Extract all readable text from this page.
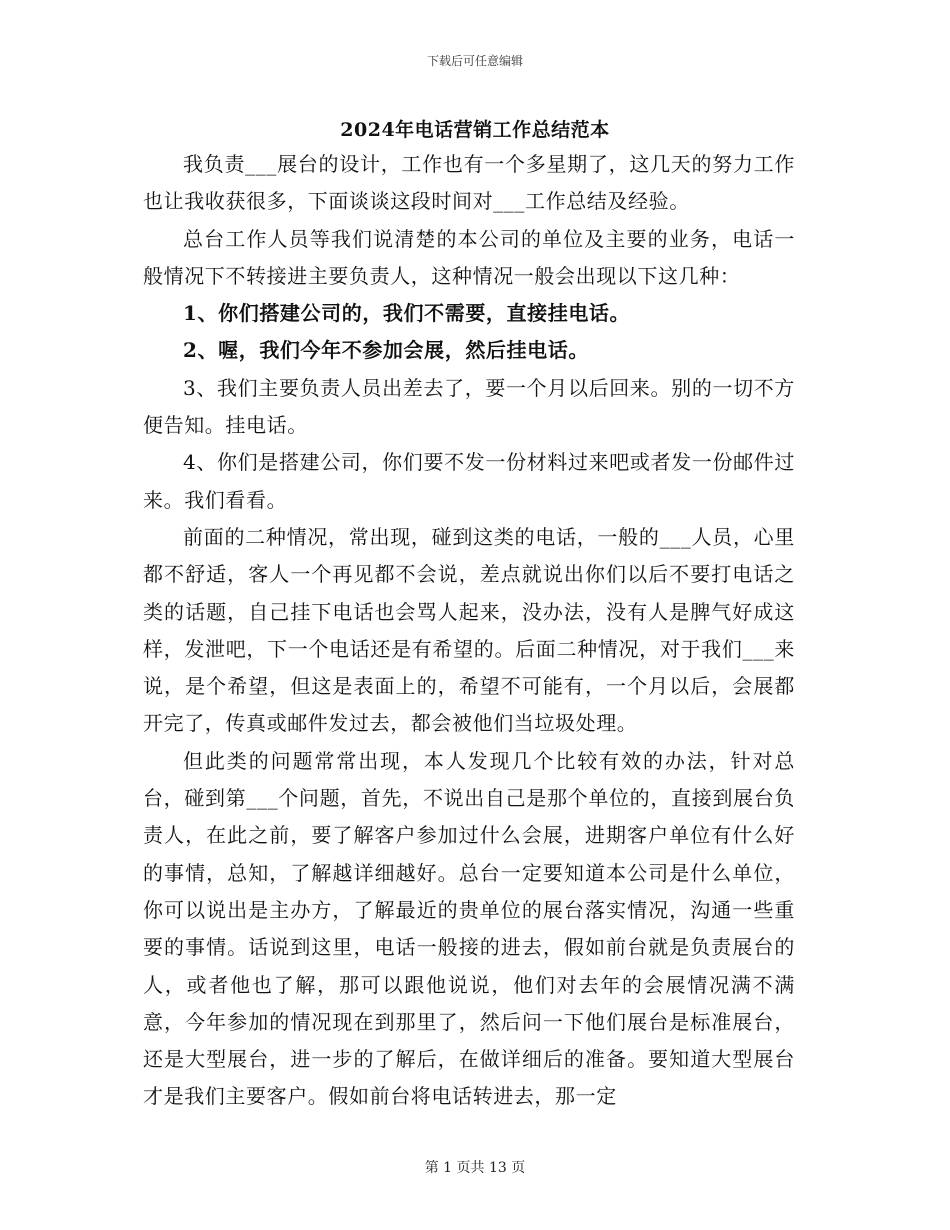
下载后可任意编辑
2024年电话营销工作总结范本

我负责___展台的设计，工作也有一个多星期了，这几天的努力工作也让我收获很多，下面谈谈这段时间对___工作总结及经验。

总台工作人员等我们说清楚的本公司的单位及主要的业务，电话一般情况下不转接进主要负责人，这种情况一般会出现以下这几种：

1、你们搭建公司的，我们不需要，直接挂电话。

2、喔，我们今年不参加会展，然后挂电话。

3、我们主要负责人员出差去了，要一个月以后回来。别的一切不方便告知。挂电话。

4、你们是搭建公司，你们要不发一份材料过来吧或者发一份邮件过来。我们看看。

前面的二种情况，常出现，碰到这类的电话，一般的___人员，心里都不舒适，客人一个再见都不会说，差点就说出你们以后不要打电话之类的话题，自己挂下电话也会骂人起来，没办法，没有人是脾气好成这样，发泄吧，下一个电话还是有希望的。后面二种情况，对于我们___来说，是个希望，但这是表面上的，希望不可能有，一个月以后，会展都开完了，传真或邮件发过去，都会被他们当垃圾处理。

但此类的问题常常出现，本人发现几个比较有效的办法，针对总台，碰到第___个问题，首先，不说出自己是那个单位的，直接到展台负责人，在此之前，要了解客户参加过什么会展，进期客户单位有什么好的事情，总知，了解越详细越好。总台一定要知道本公司是什么单位，你可以说出是主办方，了解最近的贵单位的展台落实情况，沟通一些重要的事情。话说到这里，电话一般接的进去，假如前台就是负责展台的人，或者他也了解，那可以跟他说说，他们对去年的会展情况满不满意，今年参加的情况现在到那里了，然后问一下他们展台是标准展台，还是大型展台，进一步的了解后，在做详细后的准备。要知道大型展台才是我们主要客户。假如前台将电话转进去，那一定

第 1 页共 13 页
